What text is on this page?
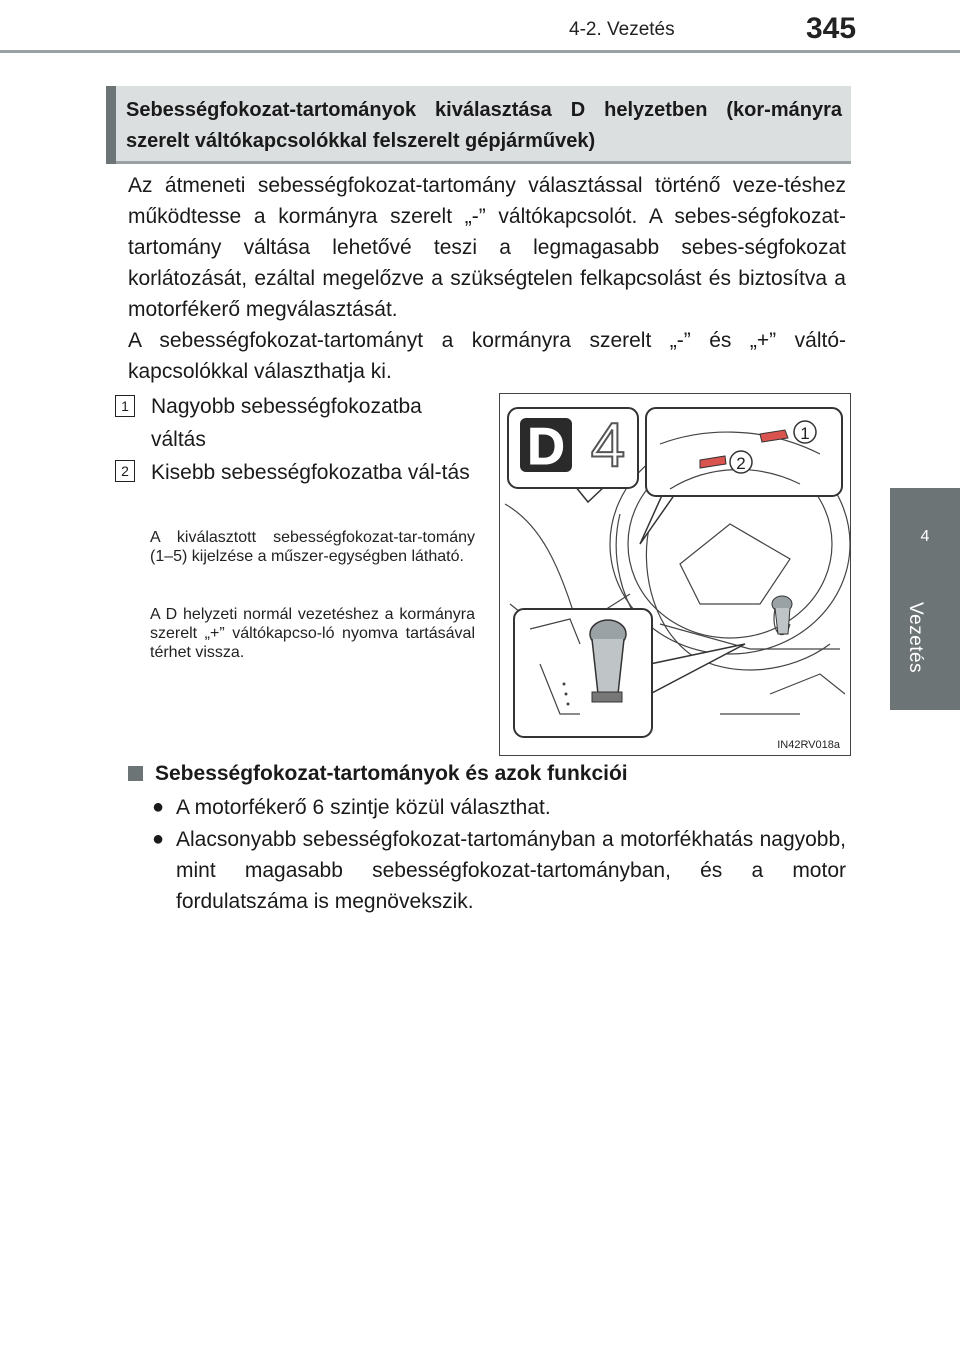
4-2. Vezetés	345
4
Vezetés
Sebességfokozat-tartományok kiválasztása D helyzetben (kor-mányra szerelt váltókapcsolókkal felszerelt gépjárművek)

Az átmeneti sebességfokozat-tartomány választással történő veze-téshez működtesse a kormányra szerelt „-” váltókapcsolót. A sebes-ségfokozat-tartomány váltása lehetővé teszi a legmagasabb sebes-ségfokozat korlátozását, ezáltal megelőzve a szükségtelen felkapcsolást és biztosítva a motorfékerő megválasztását.

A sebességfokozat-tartományt a kormányra szerelt „-” és „+” váltó-kapcsolókkal választhatja ki.

1 Nagyobb sebességfokozatba váltás
2 Kisebb sebességfokozatba vál-tás

A kiválasztott sebességfokozat-tar-tomány (1–5) kijelzése a műszer-egységben látható.

A D helyzeti normál vezetéshez a kormányra szerelt „+” váltókapcso-ló nyomva tartásával térhet vissza.

D 4	1
2
IN42RV018a
Sebességfokozat-tartományok és azok funkciói
● A motorfékerő 6 szintje közül választhat.
● Alacsonyabb sebességfokozat-tartományban a motorfékhatás nagyobb, mint magasabb sebességfokozat-tartományban, és a motor fordulatszáma is megnövekszik.
